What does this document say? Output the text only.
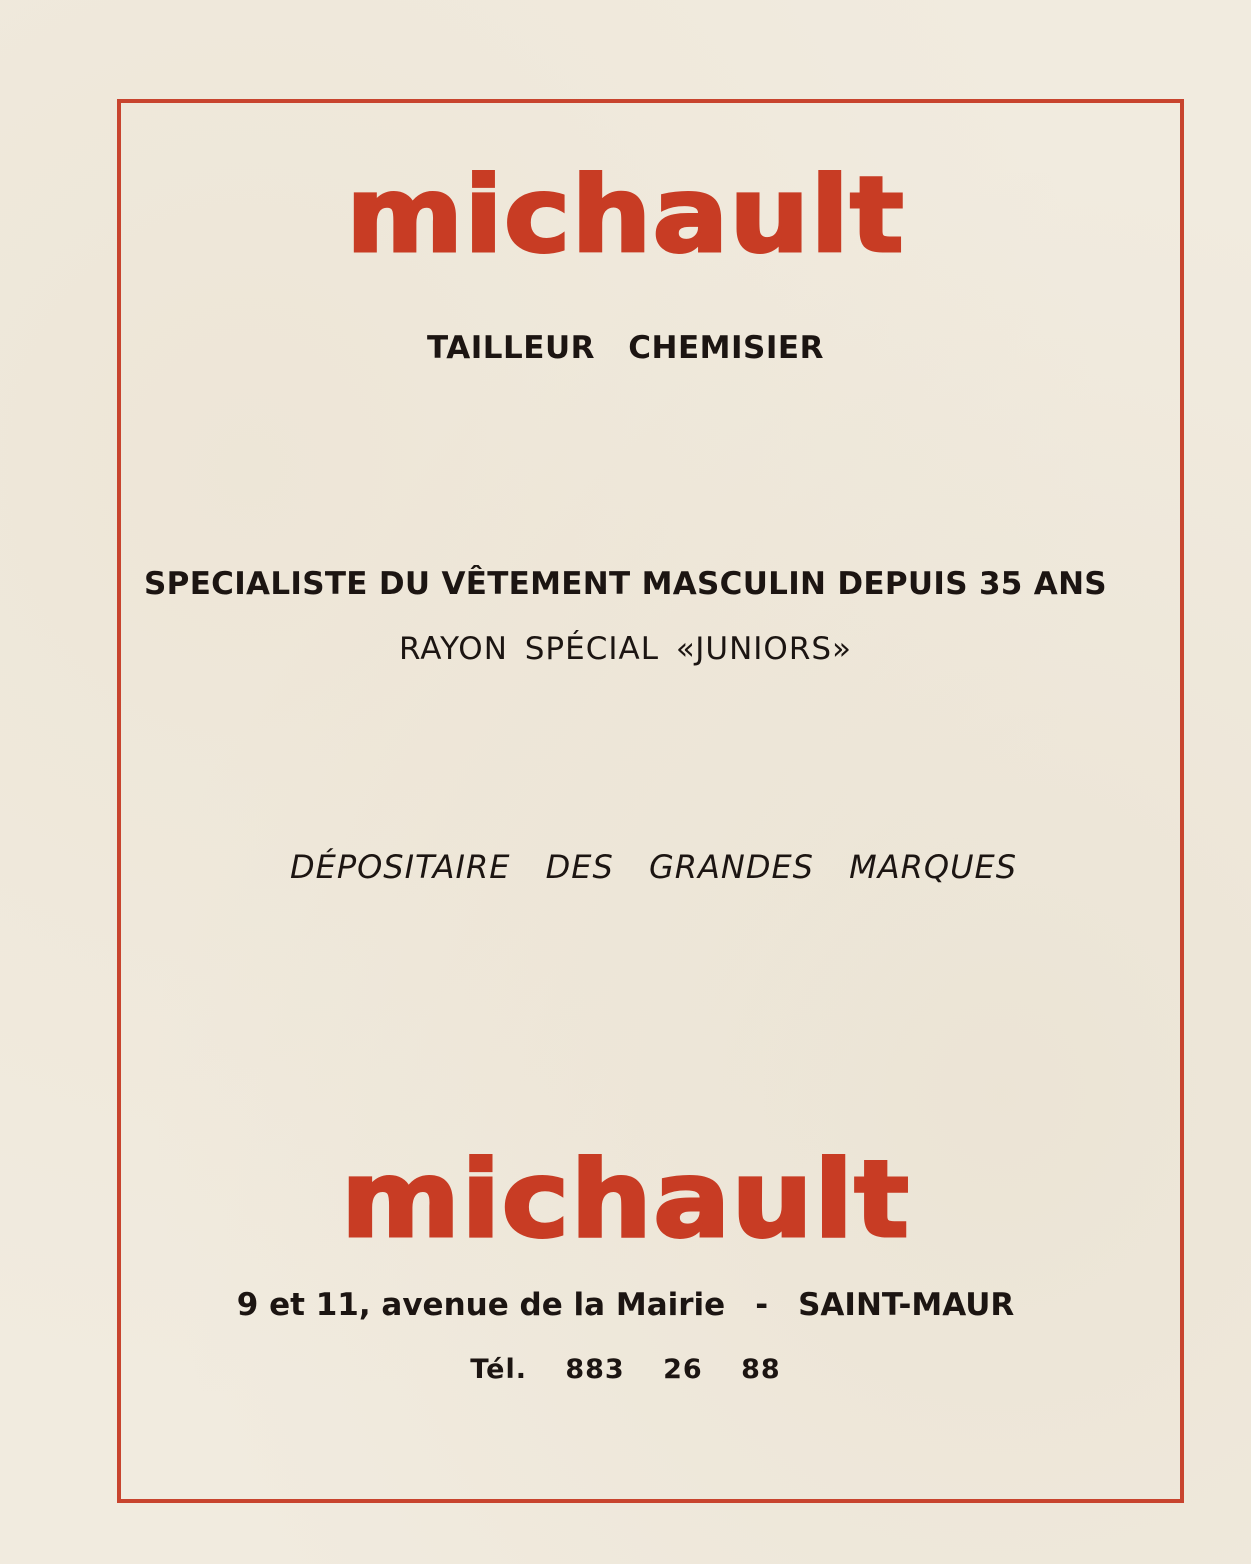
michault
TAILLEUR CHEMISIER
SPECIALISTE DU VÊTEMENT MASCULIN DEPUIS 35 ANS
RAYON SPÉCIAL «JUNIORS»
DÉPOSITAIRE DES GRANDES MARQUES
michault
9 et 11, avenue de la Mairie - SAINT-MAUR
Tél. 883 26 88
